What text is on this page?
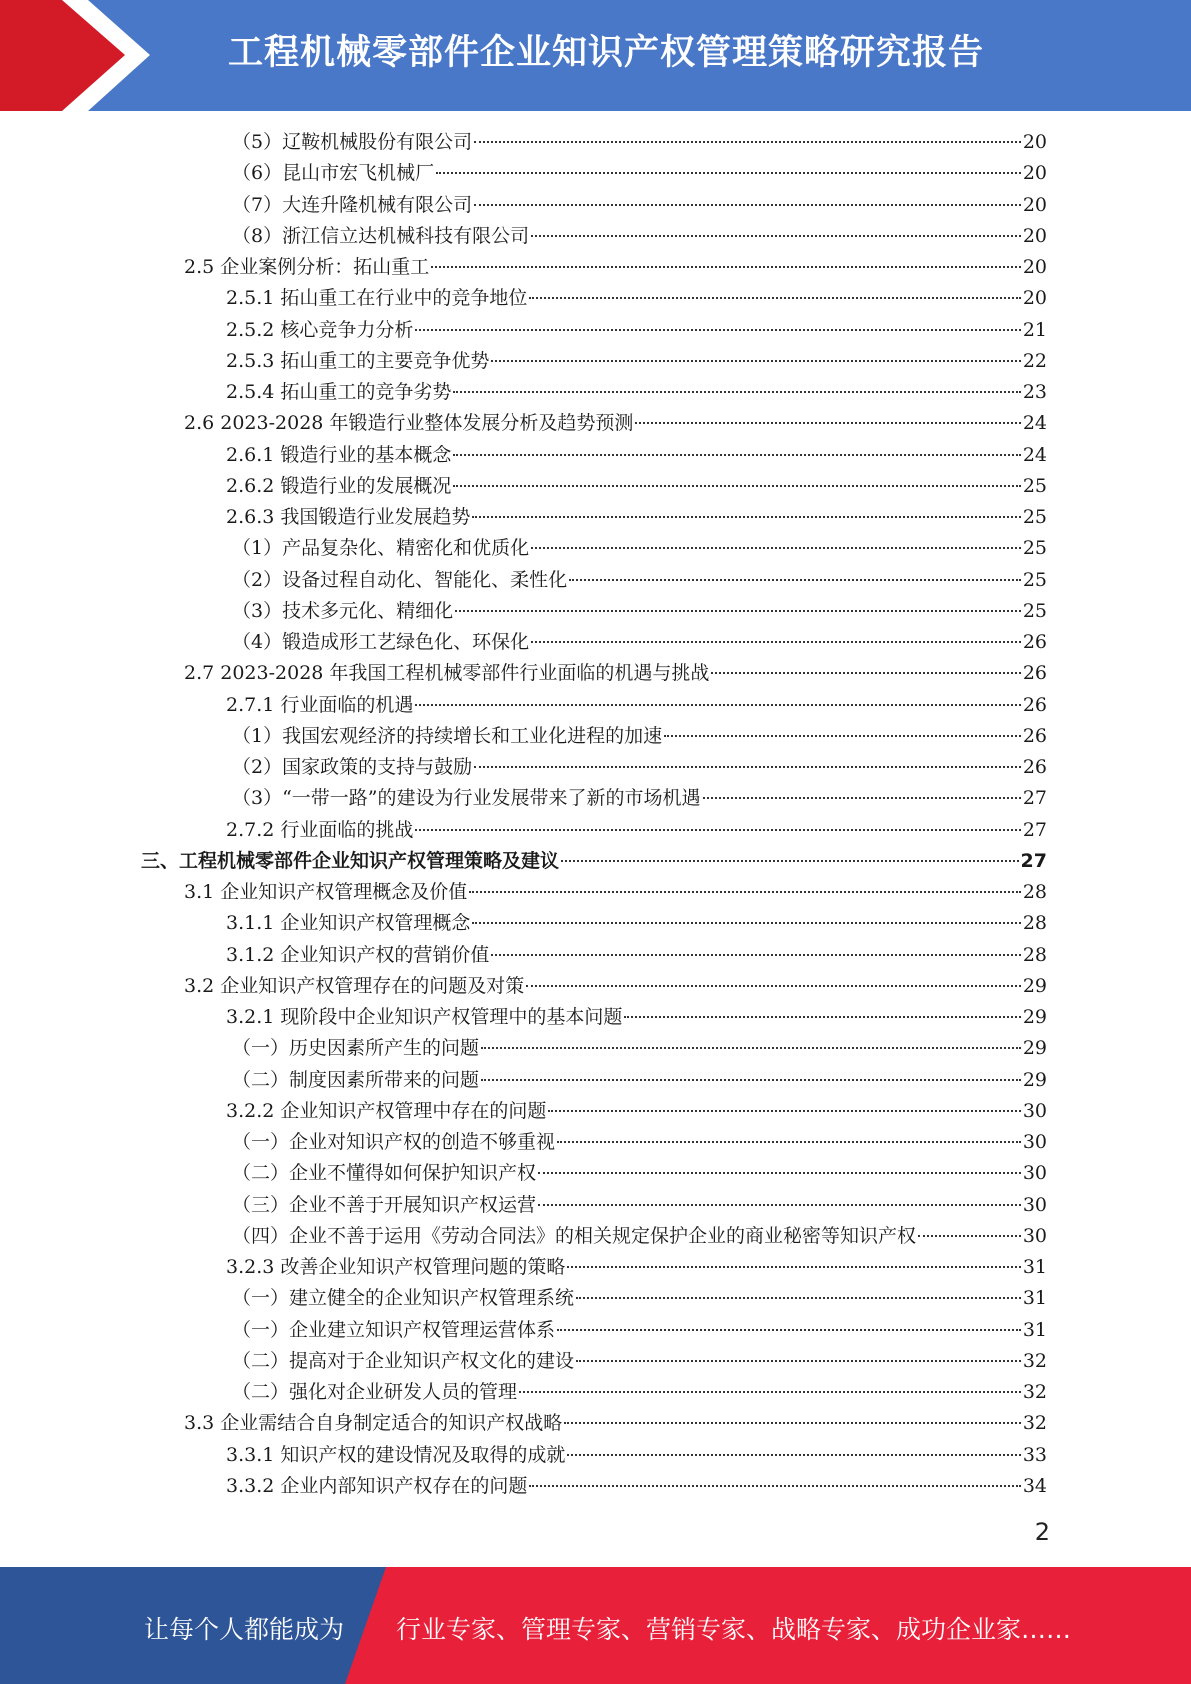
工程机械零部件企业知识产权管理策略研究报告
（5）辽鞍机械股份有限公司	20
（6）昆山市宏飞机械厂	20
（7）大连升隆机械有限公司	20
（8）浙江信立达机械科技有限公司	20
2.5 企业案例分析：拓山重工	20
2.5.1 拓山重工在行业中的竞争地位	20
2.5.2 核心竞争力分析	21
2.5.3 拓山重工的主要竞争优势	22
2.5.4 拓山重工的竞争劣势	23
2.6 2023-2028 年锻造行业整体发展分析及趋势预测	24
2.6.1 锻造行业的基本概念	24
2.6.2 锻造行业的发展概况	25
2.6.3 我国锻造行业发展趋势	25
（1）产品复杂化、精密化和优质化	25
（2）设备过程自动化、智能化、柔性化	25
（3）技术多元化、精细化	25
（4）锻造成形工艺绿色化、环保化	26
2.7 2023-2028 年我国工程机械零部件行业面临的机遇与挑战	26
2.7.1 行业面临的机遇	26
（1）我国宏观经济的持续增长和工业化进程的加速	26
（2）国家政策的支持与鼓励	26
（3）“一带一路”的建设为行业发展带来了新的市场机遇	27
2.7.2 行业面临的挑战	27
三、工程机械零部件企业知识产权管理策略及建议	27
3.1 企业知识产权管理概念及价值	28
3.1.1 企业知识产权管理概念	28
3.1.2 企业知识产权的营销价值	28
3.2 企业知识产权管理存在的问题及对策	29
3.2.1 现阶段中企业知识产权管理中的基本问题	29
（一）历史因素所产生的问题	29
（二）制度因素所带来的问题	29
3.2.2 企业知识产权管理中存在的问题	30
（一）企业对知识产权的创造不够重视	30
（二）企业不懂得如何保护知识产权	30
（三）企业不善于开展知识产权运营	30
（四）企业不善于运用《劳动合同法》的相关规定保护企业的商业秘密等知识产权	30
3.2.3 改善企业知识产权管理问题的策略	31
（一）建立健全的企业知识产权管理系统	31
（一）企业建立知识产权管理运营体系	31
（二）提高对于企业知识产权文化的建设	32
（二）强化对企业研发人员的管理	32
3.3 企业需结合自身制定适合的知识产权战略	32
3.3.1 知识产权的建设情况及取得的成就	33
3.3.2 企业内部知识产权存在的问题	34
2
让每个人都能成为 行业专家、管理专家、营销专家、战略专家、成功企业家……
